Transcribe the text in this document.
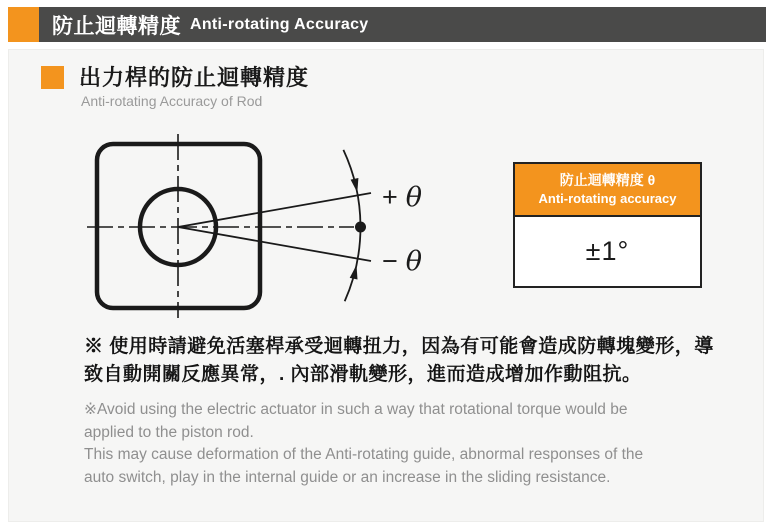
防止迴轉精度 Anti-rotating Accuracy
出力桿的防止迴轉精度
Anti-rotating Accuracy of Rod
+ θ
− θ
防止迴轉精度 θ
Anti-rotating accuracy
±1°
※ 使用時請避免活塞桿承受迴轉扭力，因為有可能會造成防轉塊變形，導
致自動開關反應異常，. 內部滑軌變形，進而造成增加作動阻抗。
※Avoid using the electric actuator in such a way that rotational torque would be
applied to the piston rod.
This may cause deformation of the Anti-rotating guide, abnormal responses of the
auto switch, play in the internal guide or an increase in the sliding resistance.
